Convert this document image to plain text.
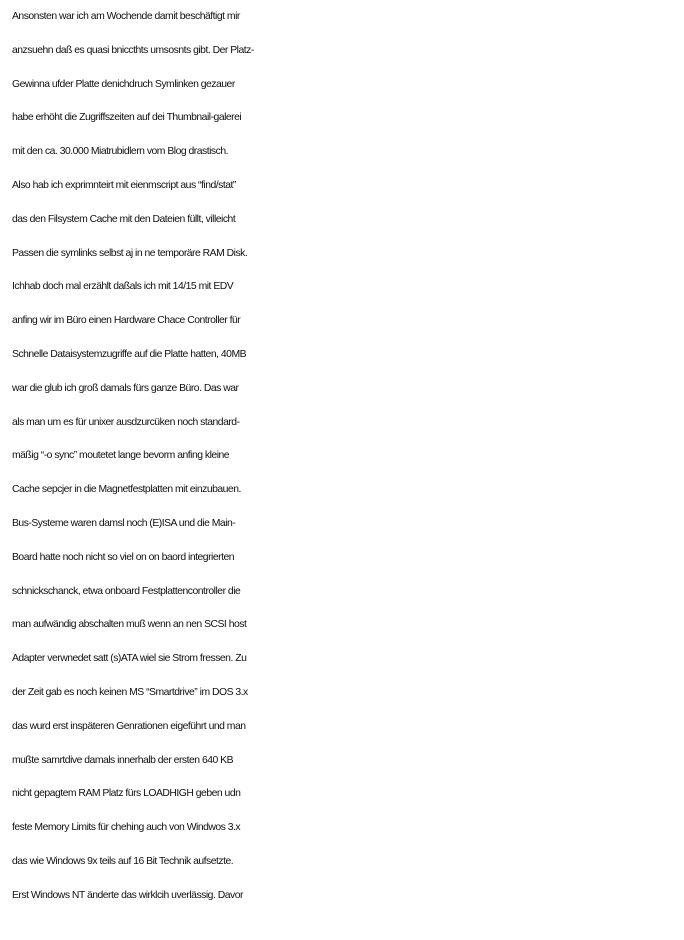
Ansonsten war ich am Wochende damit beschäftigt mir
anzsuehn daß es quasi bniccthts umsosnts gibt. Der Platz-
Gewinna ufder Platte denichdruch Symlinken gezauer
habe erhöht die Zugriffszeiten auf dei Thumbnail-galerei
mit den ca. 30.000 Miatrubidlern vom Blog drastisch.
Also hab ich exprimnteirt mit eienmscript aus “find/stat”
das den Filsystem Cache mit den Dateien füllt, villeicht
Passen die symlinks selbst aj in ne temporäre RAM Disk.
Ichhab doch mal erzählt daßals ich mit 14/15 mit EDV
anfing wir im Büro einen Hardware Chace Controller für
Schnelle Dataisystemzugriffe auf die Platte hatten, 40MB
war die glub ich groß damals fürs ganze Büro. Das war
als man um es für unixer ausdzurcüken noch standard-
mäßig “-o sync” moutetet lange bevorm anfing kleine
Cache sepcjer in die Magnetfestplatten mit einzubauen.
Bus-Systeme waren damsl noch (E)ISA und die Main-
Board hatte noch nicht so viel on on baord integrierten
schnickschanck, etwa onboard Festplattencontroller die
man aufwändig abschalten muß wenn an nen SCSI host
Adapter verwnedet satt (s)ATA wiel sie Strom fressen. Zu
der Zeit gab es noch keinen MS “Smartdrive” im DOS 3.x
das wurd erst inspäteren Genrationen eigeführt und man
mußte samrtdive damals innerhalb der ersten 640 KB
nicht gepagtem RAM Platz fürs LOADHIGH geben udn
feste Memory Limits für chehing auch von Windwos 3.x
das wie Windows 9x teils auf 16 Bit Technik aufsetzte.
Erst Windows NT änderte das wirklcih uverlässig. Davor
